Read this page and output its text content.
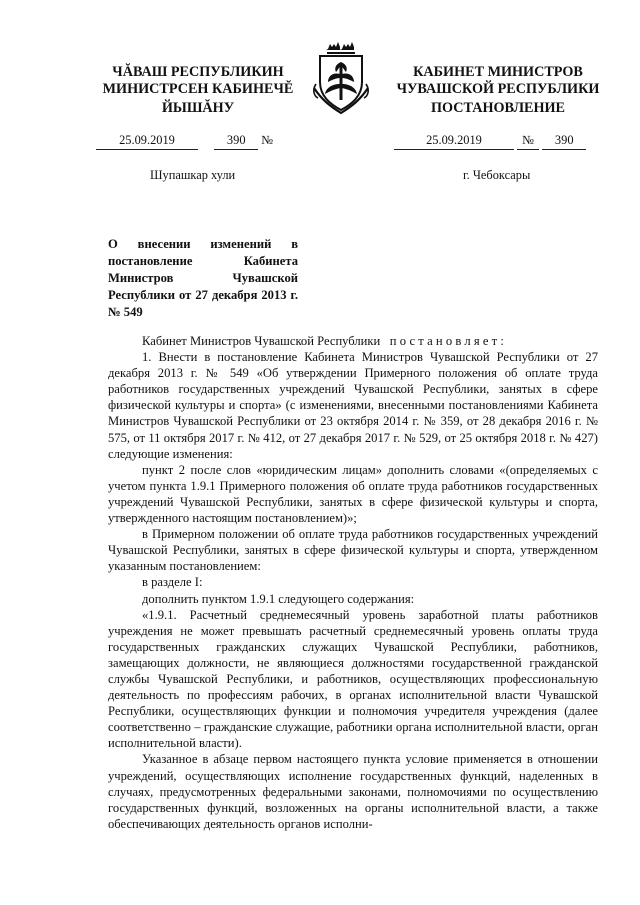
ЧĂВАШ РЕСПУБЛИКИН
МИНИСТРСЕН КАБИНЕЧĔ
КАБИНЕТ МИНИСТРОВ
ЧУВАШСКОЙ РЕСПУБЛИКИ
ЙЫШĂНУ	ПОСТАНОВЛЕНИЕ
25.09.2019	390 №	25.09.2019	№ 390
Шупашкар хули	г. Чебоксары

О внесении изменений в постановление Кабинета Министров Чувашской Республики от 27 декабря 2013 г. № 549

Кабинет Министров Чувашской Республики постановляет:

1. Внести в постановление Кабинета Министров Чувашской Республики от 27 декабря 2013 г. № 549 «Об утверждении Примерного положения об оплате труда работников государственных учреждений Чувашской Республики, занятых в сфере физической культуры и спорта» (с изменениями, внесенными постановлениями Кабинета Министров Чувашской Республики от 23 октября 2014 г. № 359, от 28 декабря 2016 г. № 575, от 11 октября 2017 г. № 412, от 27 декабря 2017 г. № 529, от 25 октября 2018 г. № 427) следующие изменения:

пункт 2 после слов «юридическим лицам» дополнить словами «(определяемых с учетом пункта 1.9.1 Примерного положения об оплате труда работников государственных учреждений Чувашской Республики, занятых в сфере физической культуры и спорта, утвержденного настоящим постановлением)»;

в Примерном положении об оплате труда работников государственных учреждений Чувашской Республики, занятых в сфере физической культуры и спорта, утвержденном указанным постановлением:

в разделе I:

дополнить пунктом 1.9.1 следующего содержания:

«1.9.1. Расчетный среднемесячный уровень заработной платы работников учреждения не может превышать расчетный среднемесячный уровень оплаты труда государственных гражданских служащих Чувашской Республики, работников, замещающих должности, не являющиеся должностями государственной гражданской службы Чувашской Республики, и работников, осуществляющих профессиональную деятельность по профессиям рабочих, в органах исполнительной власти Чувашской Республики, осуществляющих функции и полномочия учредителя учреждения (далее соответственно – гражданские служащие, работники органа исполнительной власти, орган исполнительной власти).

Указанное в абзаце первом настоящего пункта условие применяется в отношении учреждений, осуществляющих исполнение государственных функций, наделенных в случаях, предусмотренных федеральными законами, полномочиями по осуществлению государственных функций, возложенных на органы исполнительной власти, а также обеспечивающих деятельность органов исполни-
